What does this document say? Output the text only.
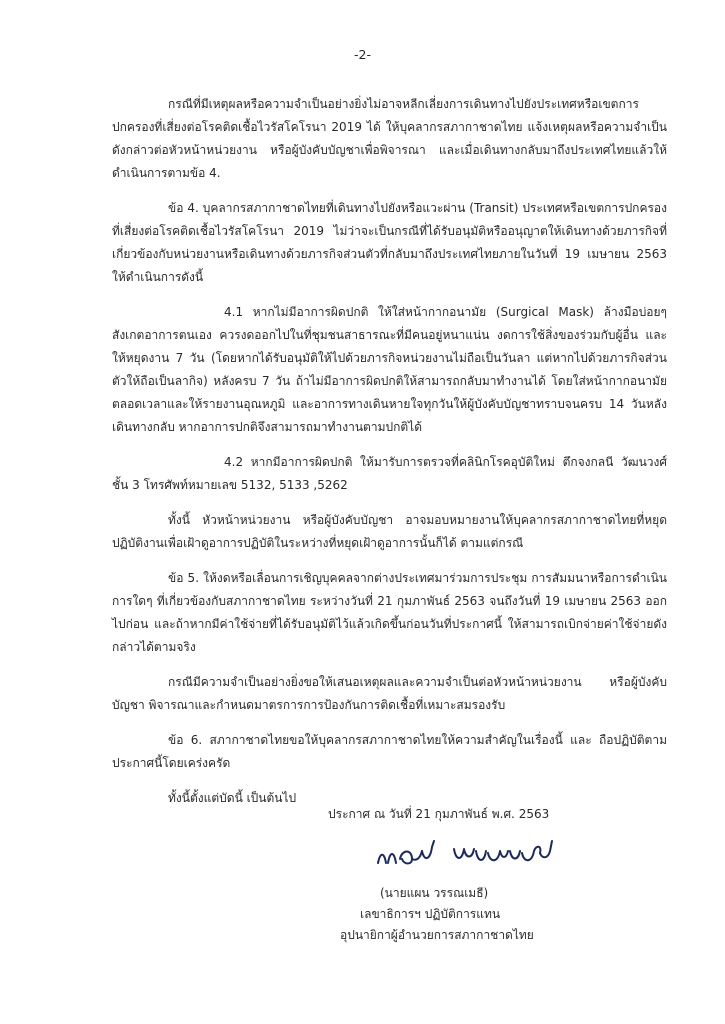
-2-

กรณีที่มีเหตุผลหรือความจำเป็นอย่างยิ่งไม่อาจหลีกเลี่ยงการเดินทางไปยังประเทศหรือเขตการปกครองที่เสี่ยงต่อโรคติดเชื้อไวรัสโคโรนา 2019 ได้ ให้บุคลากรสภากาชาดไทย แจ้งเหตุผลหรือความจำเป็นดังกล่าวต่อหัวหน้าหน่วยงาน หรือผู้บังคับบัญชาเพื่อพิจารณา และเมื่อเดินทางกลับมาถึงประเทศไทยแล้วให้ดำเนินการตามข้อ 4.

ข้อ 4. บุคลากรสภากาชาดไทยที่เดินทางไปยังหรือแวะผ่าน (Transit) ประเทศหรือเขตการปกครองที่เสี่ยงต่อโรคติดเชื้อไวรัสโคโรนา 2019 ไม่ว่าจะเป็นกรณีที่ได้รับอนุมัติหรืออนุญาตให้เดินทางด้วยภารกิจที่เกี่ยวข้องกับหน่วยงานหรือเดินทางด้วยภารกิจส่วนตัวที่กลับมาถึงประเทศไทยภายในวันที่ 19 เมษายน 2563 ให้ดำเนินการดังนี้

4.1 หากไม่มีอาการผิดปกติ ให้ใส่หน้ากากอนามัย (Surgical Mask) ล้างมือบ่อยๆ สังเกตอาการตนเอง ควรงดออกไปในที่ชุมชนสาธารณะที่มีคนอยู่หนาแน่น งดการใช้สิ่งของร่วมกับผู้อื่น และให้หยุดงาน 7 วัน (โดยหากได้รับอนุมัติให้ไปด้วยภารกิจหน่วยงานไม่ถือเป็นวันลา แต่หากไปด้วยภารกิจส่วนตัวให้ถือเป็นลากิจ) หลังครบ 7 วัน ถ้าไม่มีอาการผิดปกติให้สามารถกลับมาทำงานได้ โดยใส่หน้ากากอนามัยตลอดเวลาและให้รายงานอุณหภูมิ และอาการทางเดินหายใจทุกวันให้ผู้บังคับบัญชาทราบจนครบ 14 วันหลังเดินทางกลับ หากอาการปกติจึงสามารถมาทำงานตามปกติได้

4.2 หากมีอาการผิดปกติ ให้มารับการตรวจที่คลินิกโรคอุบัติใหม่ ตึกจงกลนี วัฒนวงศ์ ชั้น 3 โทรศัพท์หมายเลข 5132, 5133 ,5262

ทั้งนี้ หัวหน้าหน่วยงาน หรือผู้บังคับบัญชา อาจมอบหมายงานให้บุคลากรสภากาชาดไทยที่หยุดปฏิบัติงานเพื่อเฝ้าดูอาการปฏิบัติในระหว่างที่หยุดเฝ้าดูอาการนั้นก็ได้ ตามแต่กรณี

ข้อ 5. ให้งดหรือเลื่อนการเชิญบุคคลจากต่างประเทศมาร่วมการประชุม การสัมมนาหรือการดำเนินการใดๆ ที่เกี่ยวข้องกับสภากาชาดไทย ระหว่างวันที่ 21 กุมภาพันธ์ 2563 จนถึงวันที่ 19 เมษายน 2563 ออกไปก่อน และถ้าหากมีค่าใช้จ่ายที่ได้รับอนุมัติไว้แล้วเกิดขึ้นก่อนวันที่ประกาศนี้ ให้สามารถเบิกจ่ายค่าใช้จ่ายดังกล่าวได้ตามจริง

กรณีมีความจำเป็นอย่างยิ่งขอให้เสนอเหตุผลและความจำเป็นต่อหัวหน้าหน่วยงาน หรือผู้บังคับบัญชา พิจารณาและกำหนดมาตรการการป้องกันการติดเชื้อที่เหมาะสมรองรับ

ข้อ 6. สภากาชาดไทยขอให้บุคลากรสภากาชาดไทยให้ความสำคัญในเรื่องนี้ และ ถือปฏิบัติตามประกาศนี้โดยเคร่งครัด

ทั้งนี้ตั้งแต่บัดนี้ เป็นต้นไป

ประกาศ ณ วันที่ 21 กุมภาพันธ์ พ.ศ. 2563
(นายแผน วรรณเมธี)
เลขาธิการฯ ปฏิบัติการแทน
อุปนายิกาผู้อำนวยการสภากาชาดไทย
